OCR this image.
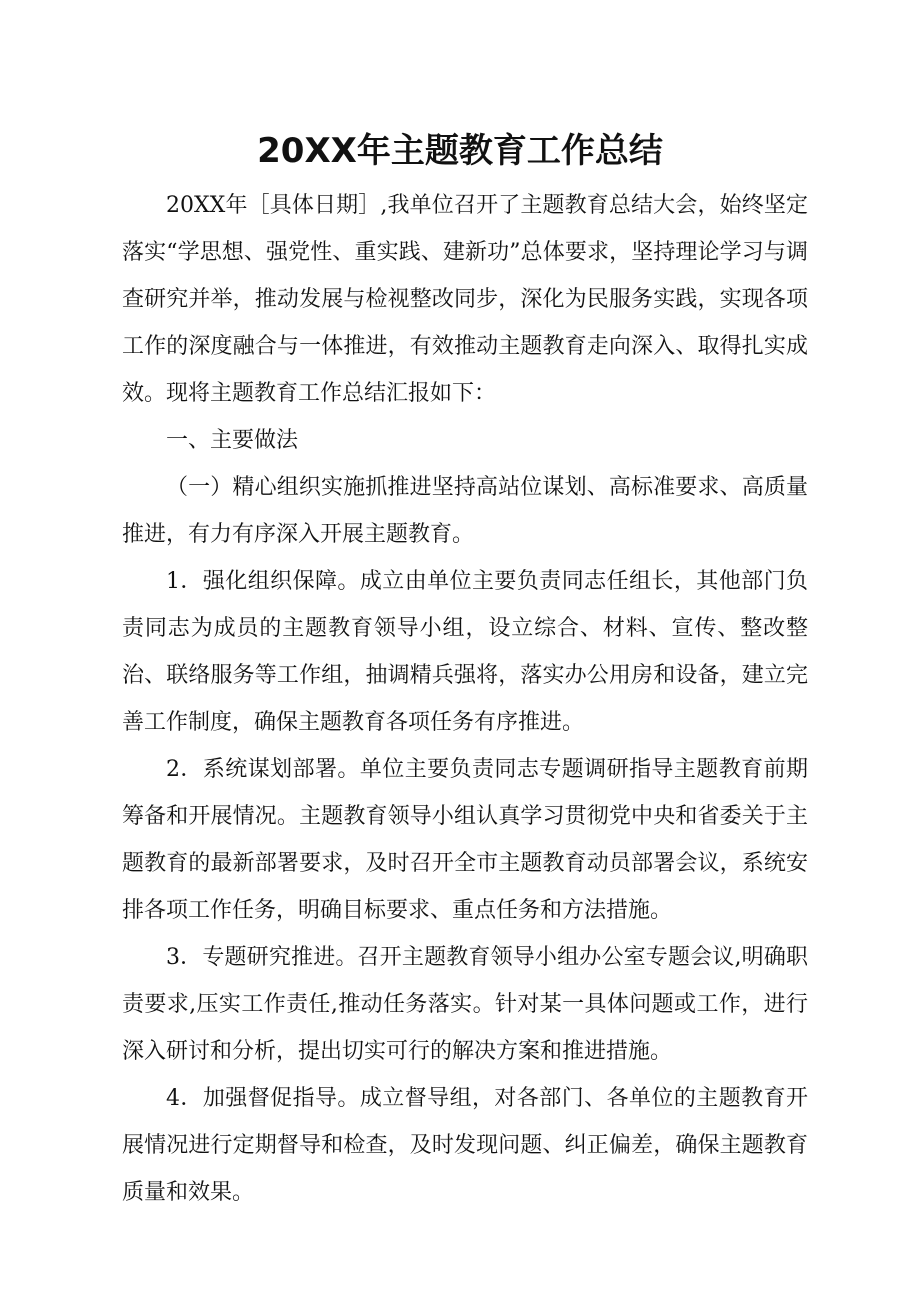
20XX年主题教育工作总结

20XX年［具体日期］,我单位召开了主题教育总结大会，始终坚定落实“学思想、强党性、重实践、建新功”总体要求，坚持理论学习与调查研究并举，推动发展与检视整改同步，深化为民服务实践，实现各项工作的深度融合与一体推进，有效推动主题教育走向深入、取得扎实成效。现将主题教育工作总结汇报如下：

一、主要做法

（一）精心组织实施抓推进坚持高站位谋划、高标准要求、高质量推进，有力有序深入开展主题教育。

1．强化组织保障。成立由单位主要负责同志任组长，其他部门负责同志为成员的主题教育领导小组，设立综合、材料、宣传、整改整治、联络服务等工作组，抽调精兵强将，落实办公用房和设备，建立完善工作制度，确保主题教育各项任务有序推进。

2．系统谋划部署。单位主要负责同志专题调研指导主题教育前期筹备和开展情况。主题教育领导小组认真学习贯彻党中央和省委关于主题教育的最新部署要求，及时召开全市主题教育动员部署会议，系统安排各项工作任务，明确目标要求、重点任务和方法措施。

3．专题研究推进。召开主题教育领导小组办公室专题会议,明确职责要求,压实工作责任,推动任务落实。针对某一具体问题或工作，进行深入研讨和分析，提出切实可行的解决方案和推进措施。

4．加强督促指导。成立督导组，对各部门、各单位的主题教育开展情况进行定期督导和检查，及时发现问题、纠正偏差，确保主题教育质量和效果。
